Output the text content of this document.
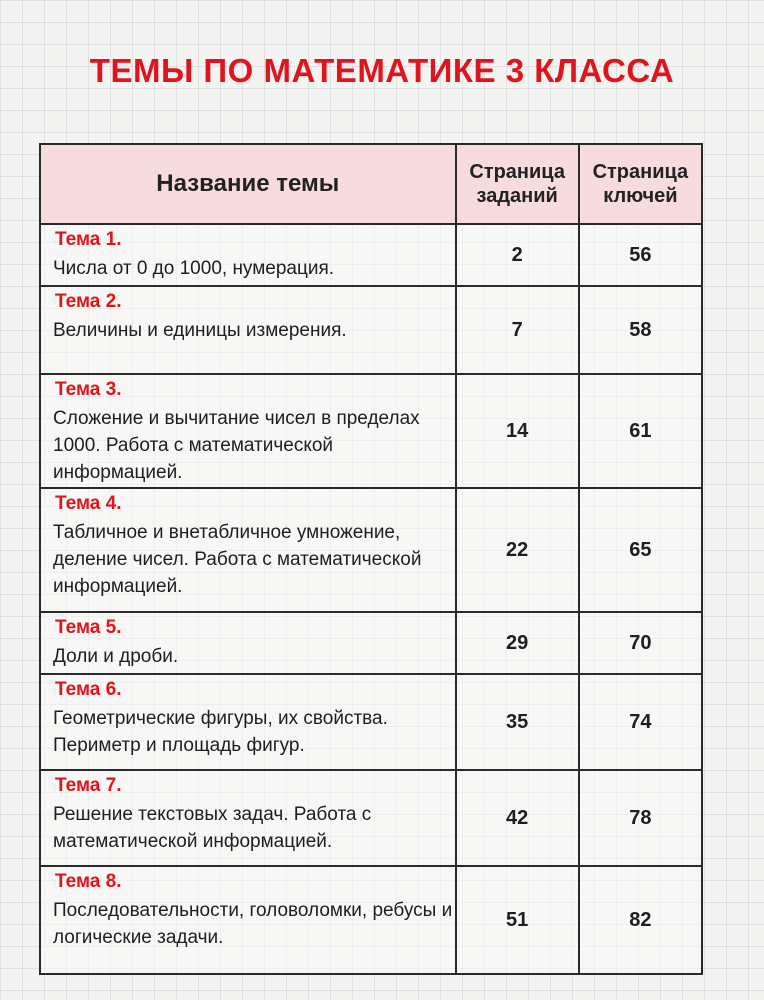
ТЕМЫ ПО МАТЕМАТИКЕ 3 КЛАССА
Название темы	Страница заданий	Страница ключей

Тема 1.
Числа от 0 до 1000, нумерация.	2	56

Тема 2.
Величины и единицы измерения.	7	58

Тема 3.
Сложение и вычитание чисел в пределах 1000. Работа с математической информацией.	14	61

Тема 4.
Табличное и внетабличное умножение, деление чисел. Работа с математической информацией.	22	65

Тема 5.
Доли и дроби.	29	70

Тема 6.
Геометрические фигуры, их свойства. Периметр и площадь фигур.	35	74

Тема 7.
Решение текстовых задач. Работа с математической информацией.	42	78

Тема 8.
Последовательности, головоломки, ребусы и логические задачи.	51	82
